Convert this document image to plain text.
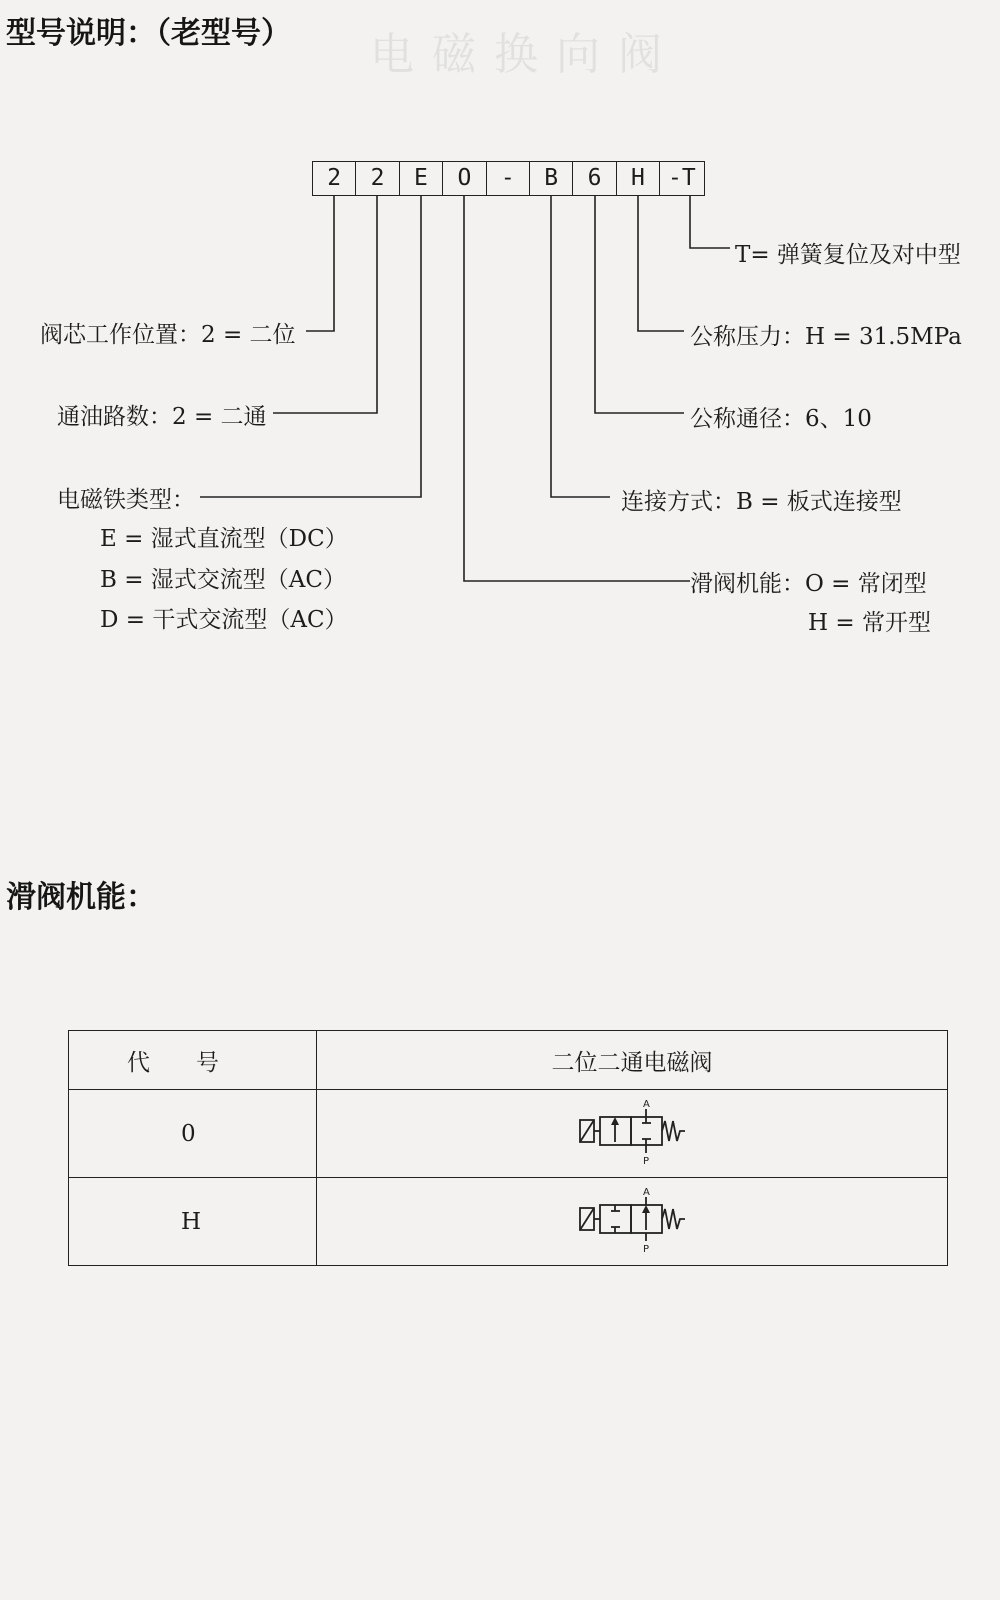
电磁换向阀
型号说明：（老型号）
2	2	E	O	-	B	6	H	-T
阀芯工作位置：2 = 二位
通油路数：2 = 二通
电磁铁类型：
E = 湿式直流型（DC）
B = 湿式交流型（AC）
D = 干式交流型（AC）
T= 弹簧复位及对中型
公称压力：H = 31.5MPa
公称通径：6、10
连接方式：B = 板式连接型
滑阀机能：O = 常闭型
H = 常开型
滑阀机能：
代　　号	二位二通电磁阀
0	A
P

H	A
P
